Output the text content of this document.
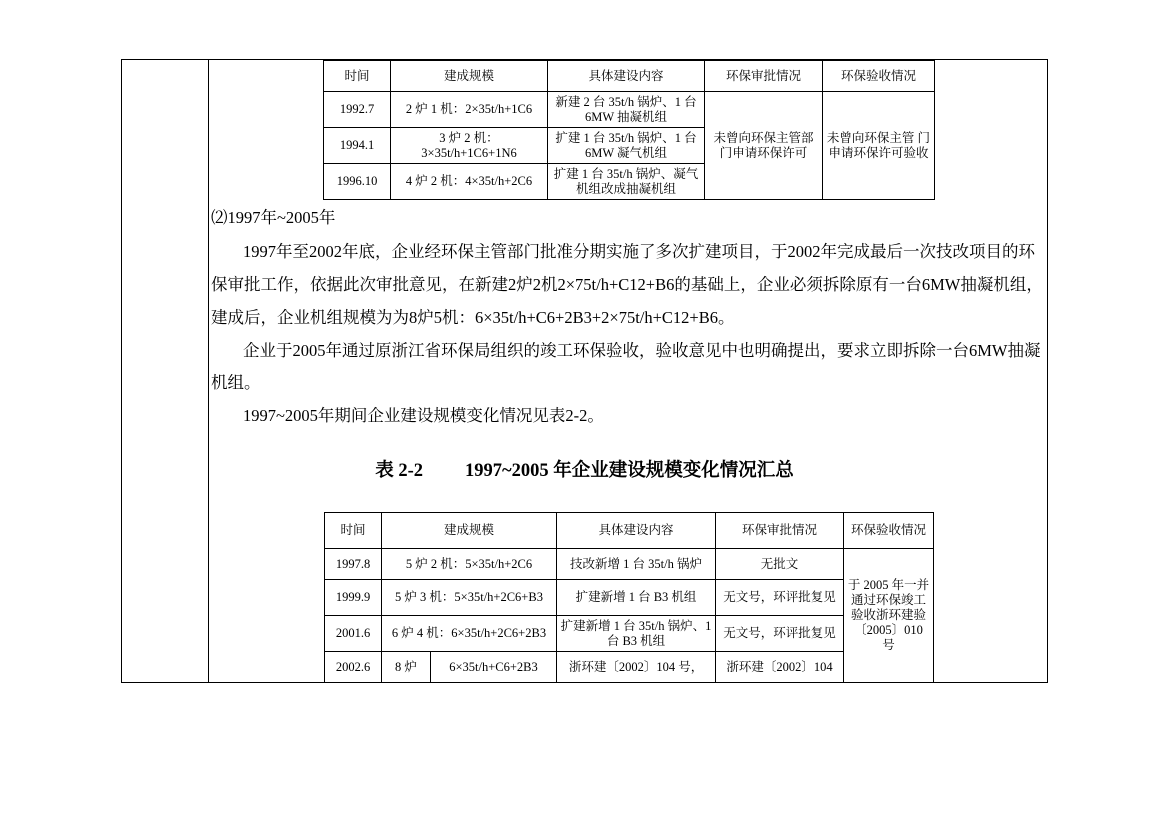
时间	建成规模	具体建设内容	环保审批情况	环保验收情况
1992.7	2 炉 1 机：2×35t/h+1C6	新建 2 台 35t/h 锅炉、1 台 6MW 抽凝机组	未曾向环保主管部门申请环保许可	未曾向环保主管 门申请环保许可验收
1994.1	3 炉 2 机：3×35t/h+1C6+1N6	扩建 1 台 35t/h 锅炉、1 台 6MW 凝气机组		
1996.10	4 炉 2 机：4×35t/h+2C6	扩建 1 台 35t/h 锅炉、凝气机组改成抽凝机组		
⑵1997年~2005年
1997年至2002年底，企业经环保主管部门批准分期实施了多次扩建项目，于2002年完成最后一次技改项目的环
保审批工作，依据此次审批意见，在新建2炉2机2×75t/h+C12+B6的基础上，企业必须拆除原有一台6MW抽凝机组，
建成后，企业机组规模为为8炉5机：6×35t/h+C6+2B3+2×75t/h+C12+B6。
企业于2005年通过原浙江省环保局组织的竣工环保验收，验收意见中也明确提出，要求立即拆除一台6MW抽凝
机组。
1997~2005年期间企业建设规模变化情况见表2-2。
表 2-2 1997~2005 年企业建设规模变化情况汇总
时间	建成规模		具体建设内容	环保审批情况	环保验收情况
1997.8	5 炉 2 机：5×35t/h+2C6		技改新增 1 台 35t/h 锅炉	无批文	于 2005 年一并通过环保竣工验收浙环建验〔2005〕010 号
1999.9	5 炉 3 机：5×35t/h+2C6+B3		扩建新增 1 台 B3 机组	无文号，环评批复见	
2001.6	6 炉 4 机：6×35t/h+2C6+2B3		扩建新增 1 台 35t/h 锅炉、1 台 B3 机组	无文号，环评批复见	
2002.6	8 炉	6×35t/h+C6+2B3	浙环建〔2002〕104 号，	浙环建〔2002〕104	
